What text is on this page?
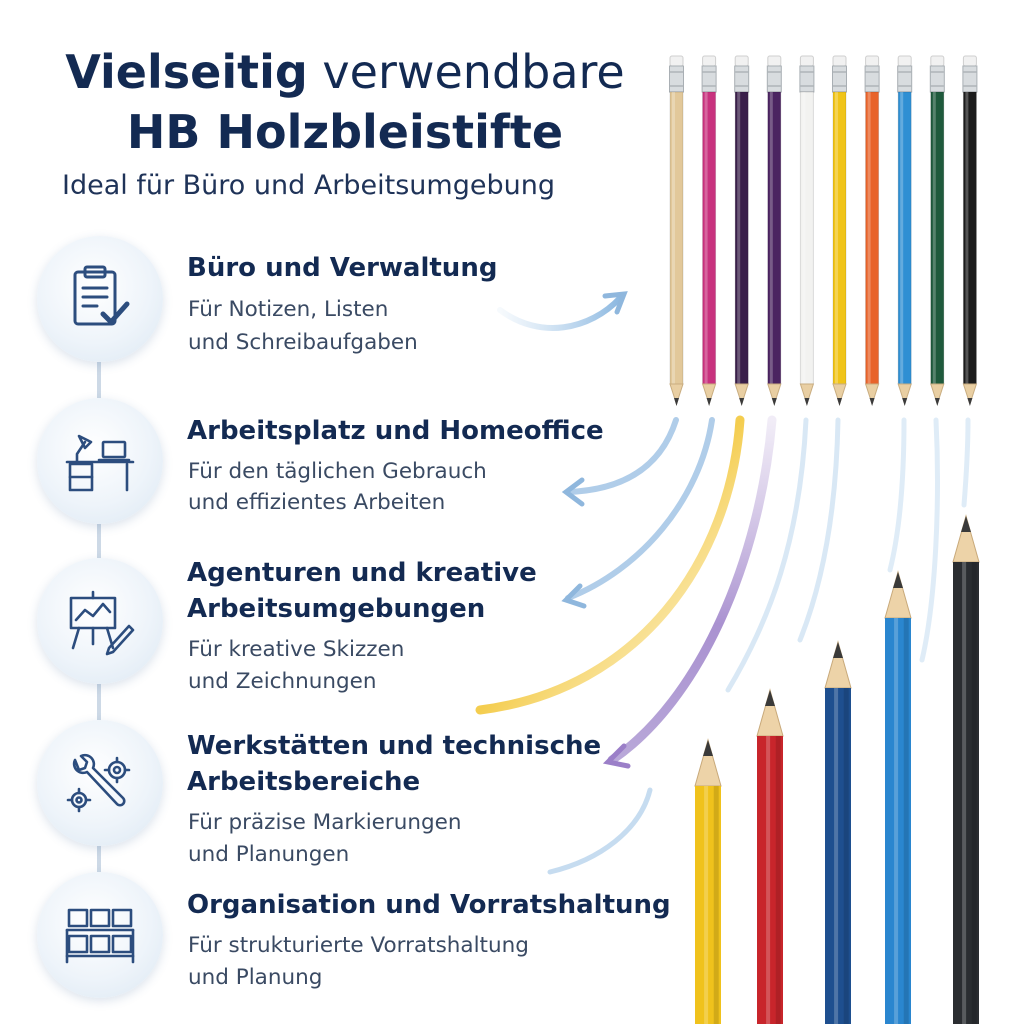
Vielseitig verwendbare
HB Holzbleistifte
Ideal für Büro und Arbeitsumgebung
Büro und Verwaltung
Für Notizen, Listen
und Schreibaufgaben
Arbeitsplatz und Homeoffice
Für den täglichen Gebrauch
und effizientes Arbeiten
Agenturen und kreative
Arbeitsumgebungen
Für kreative Skizzen
und Zeichnungen
Werkstätten und technische
Arbeitsbereiche
Für präzise Markierungen
und Planungen
Organisation und Vorratshaltung
Für strukturierte Vorratshaltung
und Planung
